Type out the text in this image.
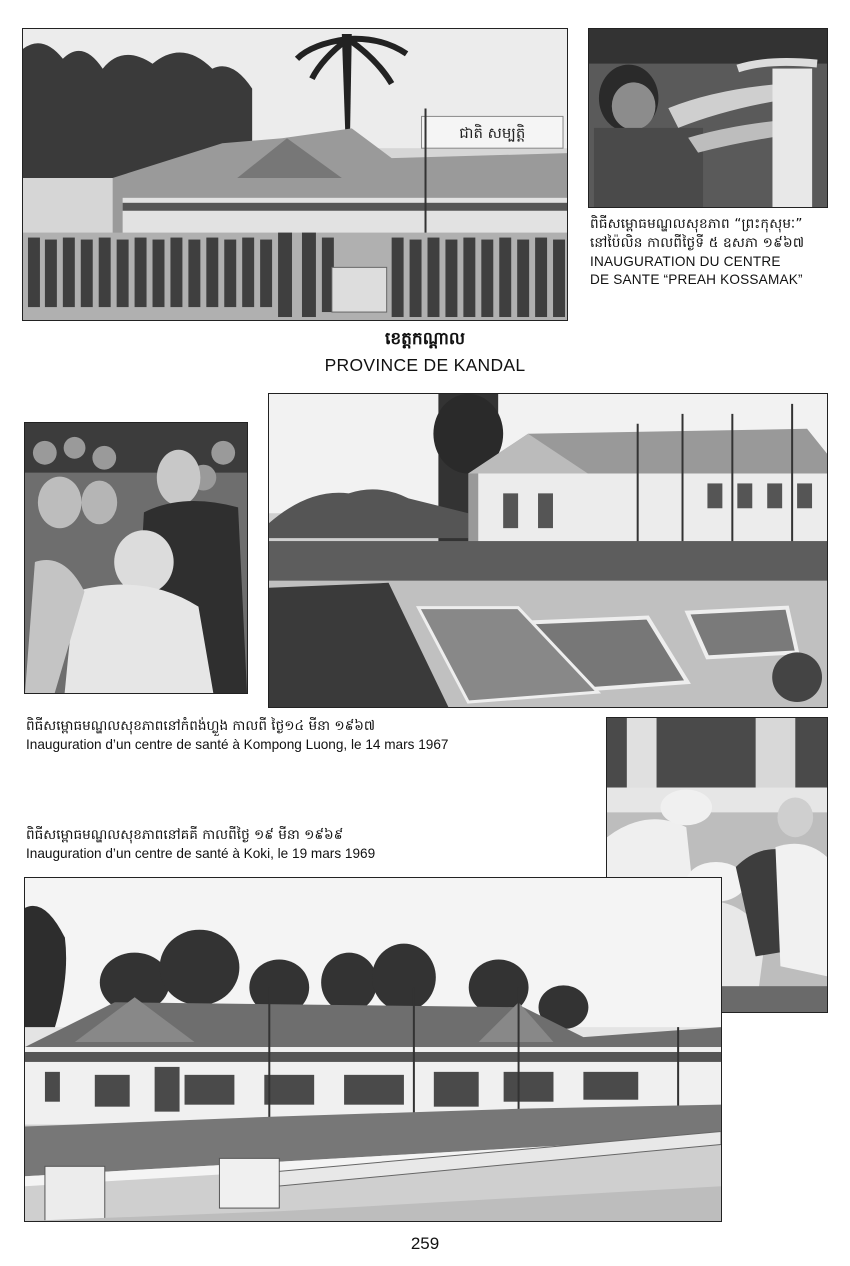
ជាតិ សម្បត្តិ
ពិធីសម្ពោធមណ្ឌលសុខភាព “ព្រះកុសុមៈ”
នៅប៉ៃលិន កាលពីថ្ងៃទី ៥ ឧសភា ១៩៦៧
INAUGURATION DU CENTRE
DE SANTE “PREAH KOSSAMAK”
ខេត្តកណ្ដាល
PROVINCE DE KANDAL
ពិធីសម្ពោធមណ្ឌលសុខភាពនៅកំពង់ហ្លួង កាលពី ថ្ងៃ១៤ មីនា ១៩៦៧
Inauguration d’un centre de santé à Kompong Luong, le 14 mars 1967
ពិធីសម្ពោធមណ្ឌលសុខភាពនៅគគី កាលពីថ្ងៃ ១៩ មីនា ១៩៦៩
Inauguration d’un centre de santé à Koki, le 19 mars 1969
259
